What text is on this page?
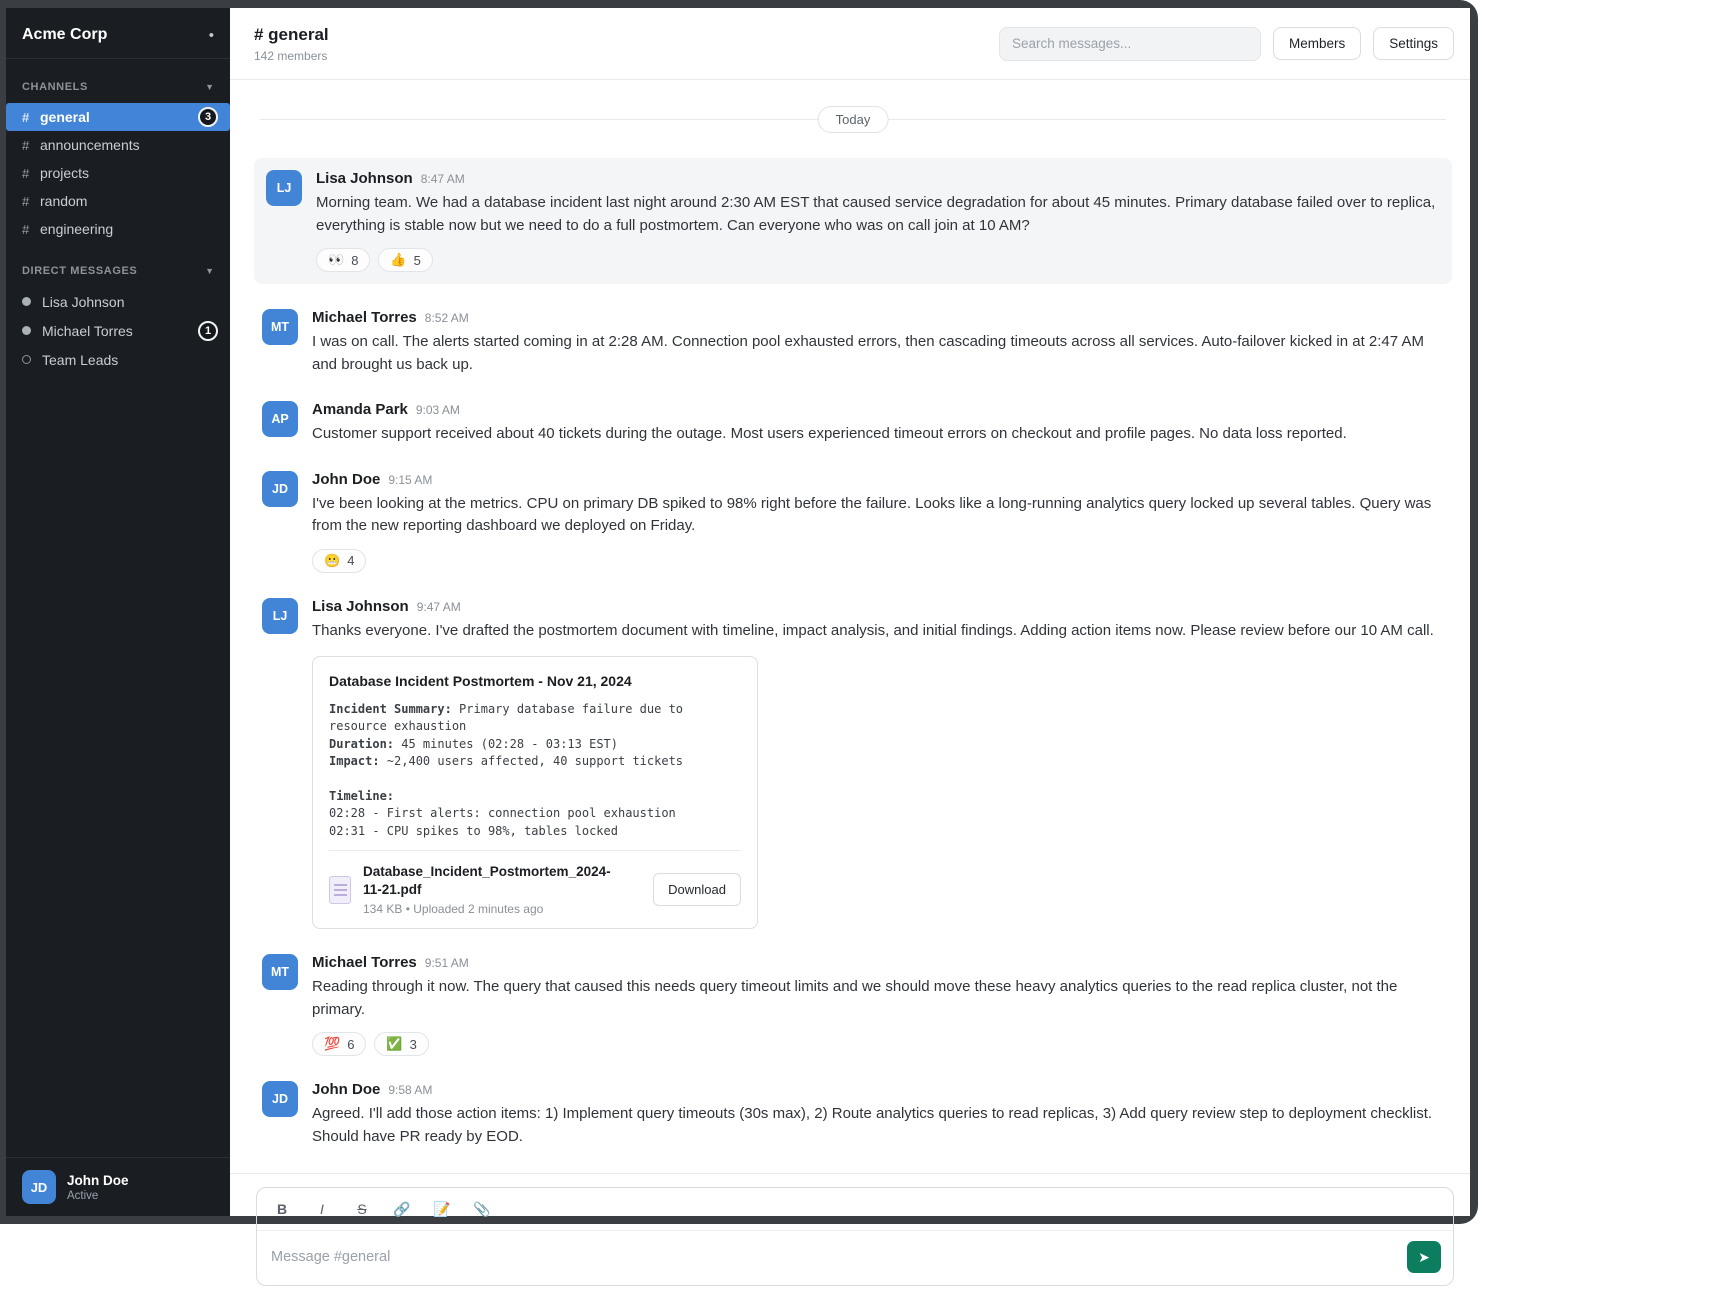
Acme Corp	•
CHANNELS	▼
# general	3
# announcements
# projects
# random
# engineering
DIRECT MESSAGES	▼
Lisa Johnson
Michael Torres	1
Team Leads
JD	John Doe
Active
# general
142 members
Search messages...
Members	Settings
Today
LJ
Lisa Johnson 8:47 AM
Morning team. We had a database incident last night around 2:30 AM EST that caused service degradation for about 45 minutes. Primary database failed over to replica, everything is stable now but we need to do a full postmortem. Can everyone who was on call join at 10 AM?
👀 8 👍 5
MT
Michael Torres 8:52 AM
I was on call. The alerts started coming in at 2:28 AM. Connection pool exhausted errors, then cascading timeouts across all services. Auto-failover kicked in at 2:47 AM and brought us back up.
AP
Amanda Park 9:03 AM
Customer support received about 40 tickets during the outage. Most users experienced timeout errors on checkout and profile pages. No data loss reported.
JD
John Doe 9:15 AM
I've been looking at the metrics. CPU on primary DB spiked to 98% right before the failure. Looks like a long-running analytics query locked up several tables. Query was from the new reporting dashboard we deployed on Friday.
😬 4
LJ
Lisa Johnson 9:47 AM
Thanks everyone. I've drafted the postmortem document with timeline, impact analysis, and initial findings. Adding action items now. Please review before our 10 AM call.
Database Incident Postmortem - Nov 21, 2024
Incident Summary: Primary database failure due to resource exhaustion
Duration: 45 minutes (02:28 - 03:13 EST)
Impact: ~2,400 users affected, 40 support tickets

Timeline:
02:28 - First alerts: connection pool exhaustion
02:31 - CPU spikes to 98%, tables locked
Database_Incident_Postmortem_2024-11-21.pdf
134 KB • Uploaded 2 minutes ago
Download
MT
Michael Torres 9:51 AM
Reading through it now. The query that caused this needs query timeout limits and we should move these heavy analytics queries to the read replica cluster, not the primary.
💯 6 ✅ 3
JD
John Doe 9:58 AM
Agreed. I'll add those action items: 1) Implement query timeouts (30s max), 2) Route analytics queries to read replicas, 3) Add query review step to deployment checklist. Should have PR ready by EOD.
B	I	S	🔗	📝	📎
Message #general
➤
